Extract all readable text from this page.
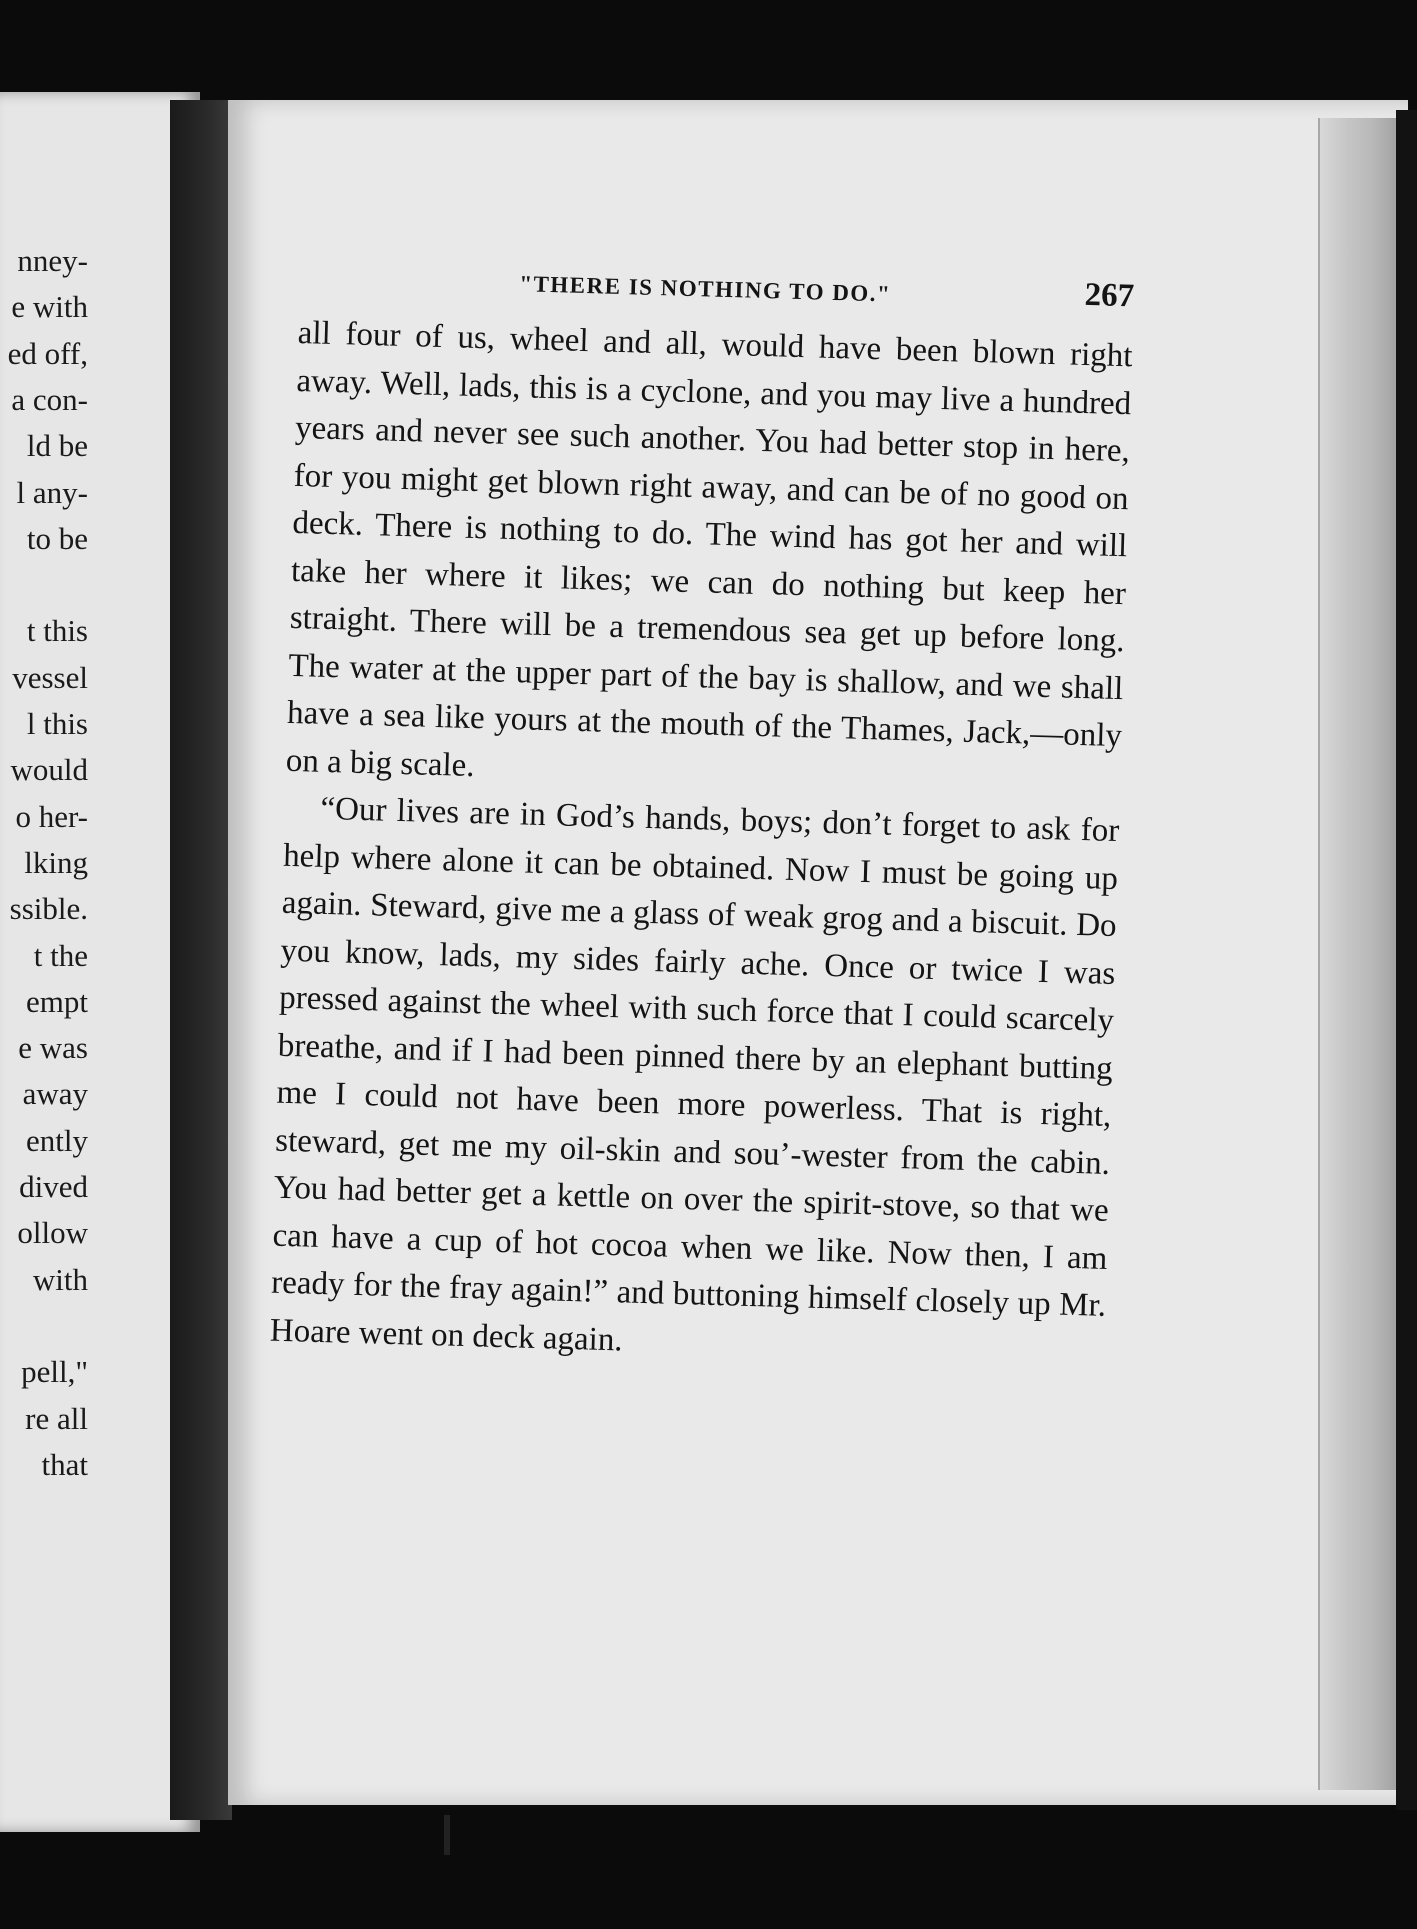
nney-

e with

ed off,

a con-

ld be

l any-

to be

t this

vessel

l this

would

o her-

lking

ssible.

t the

empt

e was

away

ently

dived

ollow

with

pell,"

re all

that

"THERE IS NOTHING TO DO."	267

all four of us, wheel and all, would have been blown right away. Well, lads, this is a cyclone, and you may live a hundred years and never see such another. You had better stop in here, for you might get blown right away, and can be of no good on deck. There is nothing to do. The wind has got her and will take her where it likes; we can do nothing but keep her straight. There will be a tremendous sea get up before long. The water at the upper part of the bay is shallow, and we shall have a sea like yours at the mouth of the Thames, Jack,—only on a big scale.

“Our lives are in God’s hands, boys; don’t forget to ask for help where alone it can be obtained. Now I must be going up again. Steward, give me a glass of weak grog and a biscuit. Do you know, lads, my sides fairly ache. Once or twice I was pressed against the wheel with such force that I could scarcely breathe, and if I had been pinned there by an elephant butting me I could not have been more powerless. That is right, steward, get me my oil-skin and sou’-wester from the cabin. You had better get a kettle on over the spirit-stove, so that we can have a cup of hot cocoa when we like. Now then, I am ready for the fray again!” and buttoning himself closely up Mr. Hoare went on deck again.
